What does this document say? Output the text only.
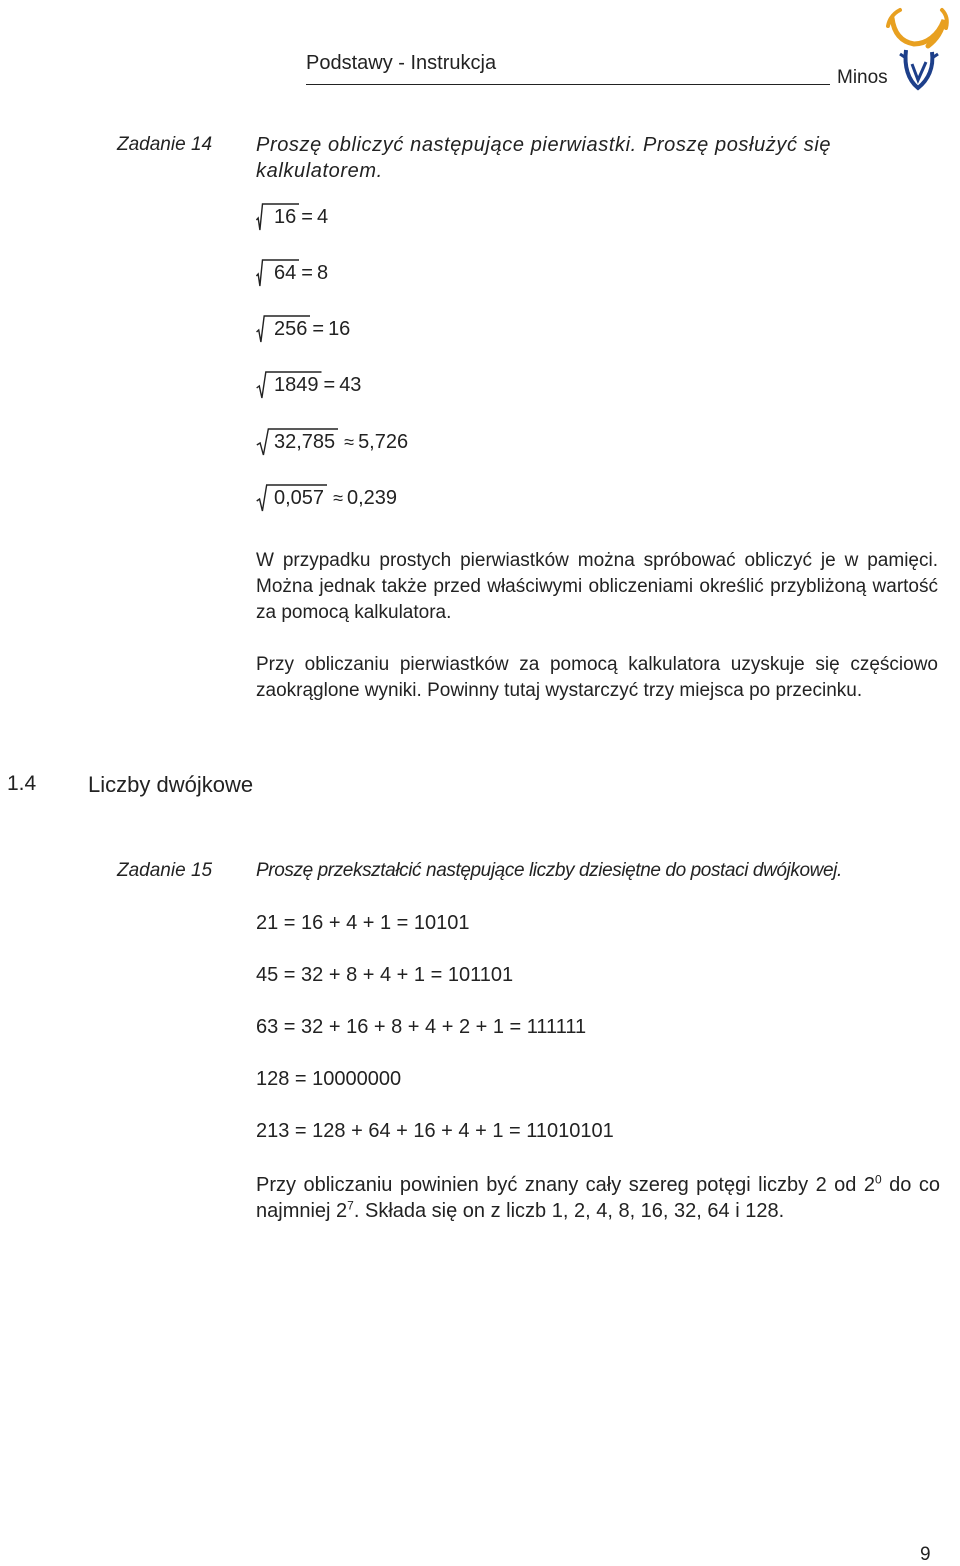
Podstawy - Instrukcja
Minos
Zadanie 14 Proszę obliczyć następujące pierwiastki. Proszę posłużyć się kalkulatorem.
16 = 4
64 = 8
256 = 16
1849 = 43
32,785 ≈ 5,726
0,057 ≈ 0,239
W przypadku prostych pierwiastków można spróbować obliczyć je w pamięci. Można jednak także przed właściwymi obliczeniami określić przybliżoną wartość za pomocą kalkulatora.
Przy obliczaniu pierwiastków za pomocą kalkulatora uzyskuje się częściowo zaokrąglone wyniki. Powinny tutaj wystarczyć trzy miejsca po przecinku.
1.4 Liczby dwójkowe
Zadanie 15 Proszę przekształcić następujące liczby dziesiętne do postaci dwójkowej.
21 = 16 + 4 + 1 = 10101
45 = 32 + 8 + 4 + 1 = 101101
63 = 32 + 16 + 8 + 4 + 2 + 1 = 111111
128 = 10000000
213 = 128 + 64 + 16 + 4 + 1 = 11010101
Przy obliczaniu powinien być znany cały szereg potęgi liczby 2 od $2^0$ do co najmniej $2^7$. Składa się on z liczb 1, 2, 4, 8, 16, 32, 64 i 128.
9
